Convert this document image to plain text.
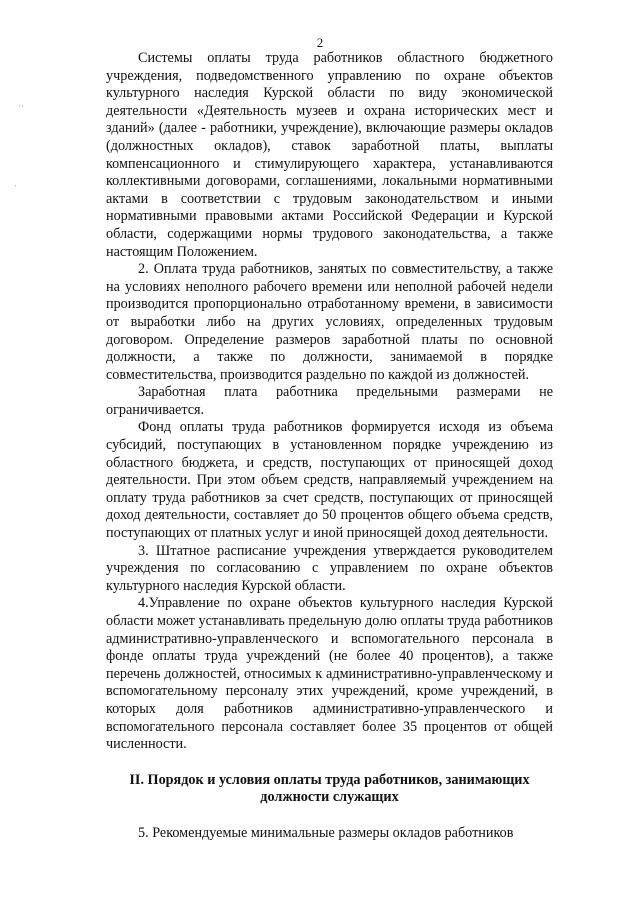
2
··
·

Системы оплаты труда работников областного бюджетного учреждения, подведомственного управлению по охране объектов культурного наследия Курской области по виду экономической деятельности «Деятельность музеев и охрана исторических мест и зданий» (далее - работники, учреждение), включающие размеры окладов (должностных окладов), ставок заработной платы, выплаты компенсационного и стимулирующего характера, устанавливаются коллективными договорами, соглашениями, локальными нормативными актами в соответствии с трудовым законодательством и иными нормативными правовыми актами Российской Федерации и Курской области, содержащими нормы трудового законодательства, а также настоящим Положением.

2. Оплата труда работников, занятых по совместительству, а также на условиях неполного рабочего времени или неполной рабочей недели производится пропорционально отработанному времени, в зависимости от выработки либо на других условиях, определенных трудовым договором. Определение размеров заработной платы по основной должности, а также по должности, занимаемой в порядке совместительства, производится раздельно по каждой из должностей.

Заработная плата работника предельными размерами не ограничивается.

Фонд оплаты труда работников формируется исходя из объема субсидий, поступающих в установленном порядке учреждению из областного бюджета, и средств, поступающих от приносящей доход деятельности. При этом объем средств, направляемый учреждением на оплату труда работников за счет средств, поступающих от приносящей доход деятельности, составляет до 50 процентов общего объема средств, поступающих от платных услуг и иной приносящей доход деятельности.

3. Штатное расписание учреждения утверждается руководителем учреждения по согласованию с управлением по охране объектов культурного наследия Курской области.

4.Управление по охране объектов культурного наследия Курской области может устанавливать предельную долю оплаты труда работников административно-управленческого и вспомогательного персонала в фонде оплаты труда учреждений (не более 40 процентов), а также перечень должностей, относимых к административно-управленческому и вспомогательному персоналу этих учреждений, кроме учреждений, в которых доля работников административно-управленческого и вспомогательного персонала составляет более 35 процентов от общей численности.

II. Порядок и условия оплаты труда работников, занимающих должности служащих

5. Рекомендуемые минимальные размеры окладов работников
